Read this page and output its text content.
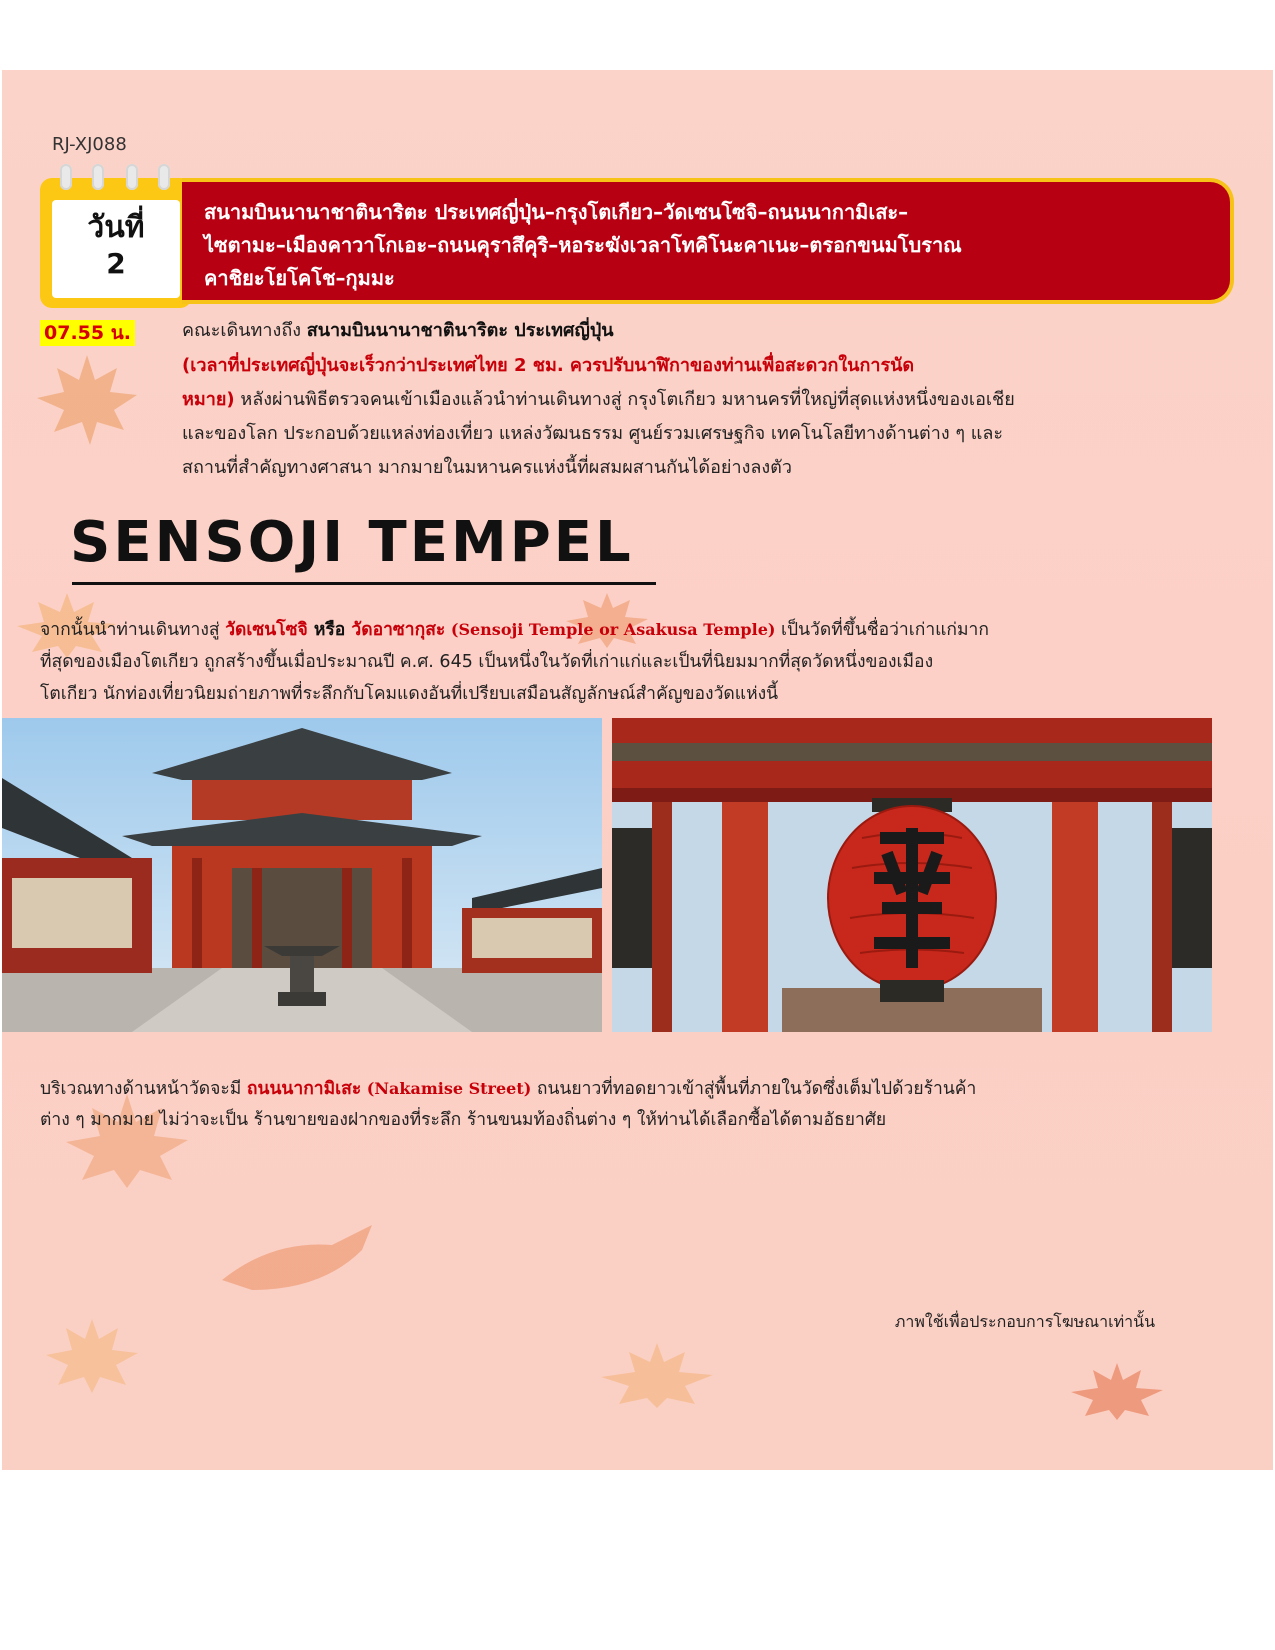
RJ-XJ088
วันที่
2
สนามบินนานาชาตินาริตะ ประเทศญี่ปุ่น–กรุงโตเกียว–วัดเซนโซจิ–ถนนนากามิเสะ–
ไซตามะ–เมืองคาวาโกเอะ–ถนนคุราสึคุริ–หอระฆังเวลาโทคิโนะคาเนะ–ตรอกขนมโบราณ
คาชิยะโยโคโช–กุมมะ
07.55 น.	คณะเดินทางถึง สนามบินนานาชาตินาริตะ ประเทศญี่ปุ่น
(เวลาที่ประเทศญี่ปุ่นจะเร็วกว่าประเทศไทย 2 ชม. ควรปรับนาฬิกาของท่านเพื่อสะดวกในการนัด
หมาย) หลังผ่านพิธีตรวจคนเข้าเมืองแล้วนำท่านเดินทางสู่ กรุงโตเกียว มหานครที่ใหญ่ที่สุดแห่งหนึ่งของเอเชีย
และของโลก ประกอบด้วยแหล่งท่องเที่ยว แหล่งวัฒนธรรม ศูนย์รวมเศรษฐกิจ เทคโนโลยีทางด้านต่าง ๆ และ
สถานที่สำคัญทางศาสนา มากมายในมหานครแห่งนี้ที่ผสมผสานกันได้อย่างลงตัว
SENSOJI TEMPEL
จากนั้นนำท่านเดินทางสู่ วัดเซนโซจิ หรือ วัดอาซากุสะ (Sensoji Temple or Asakusa Temple) เป็นวัดที่ขึ้นชื่อว่าเก่าแก่มาก
ที่สุดของเมืองโตเกียว ถูกสร้างขึ้นเมื่อประมาณปี ค.ศ. 645 เป็นหนึ่งในวัดที่เก่าแก่และเป็นที่นิยมมากที่สุดวัดหนึ่งของเมือง
โตเกียว นักท่องเที่ยวนิยมถ่ายภาพที่ระลึกกับโคมแดงอันที่เปรียบเสมือนสัญลักษณ์สำคัญของวัดแห่งนี้
บริเวณทางด้านหน้าวัดจะมี ถนนนากามิเสะ (Nakamise Street) ถนนยาวที่ทอดยาวเข้าสู่พื้นที่ภายในวัดซึ่งเต็มไปด้วยร้านค้า
ต่าง ๆ มากมาย ไม่ว่าจะเป็น ร้านขายของฝากของที่ระลึก ร้านขนมท้องถิ่นต่าง ๆ ให้ท่านได้เลือกซื้อได้ตามอัธยาศัย
ภาพใช้เพื่อประกอบการโฆษณาเท่านั้น
